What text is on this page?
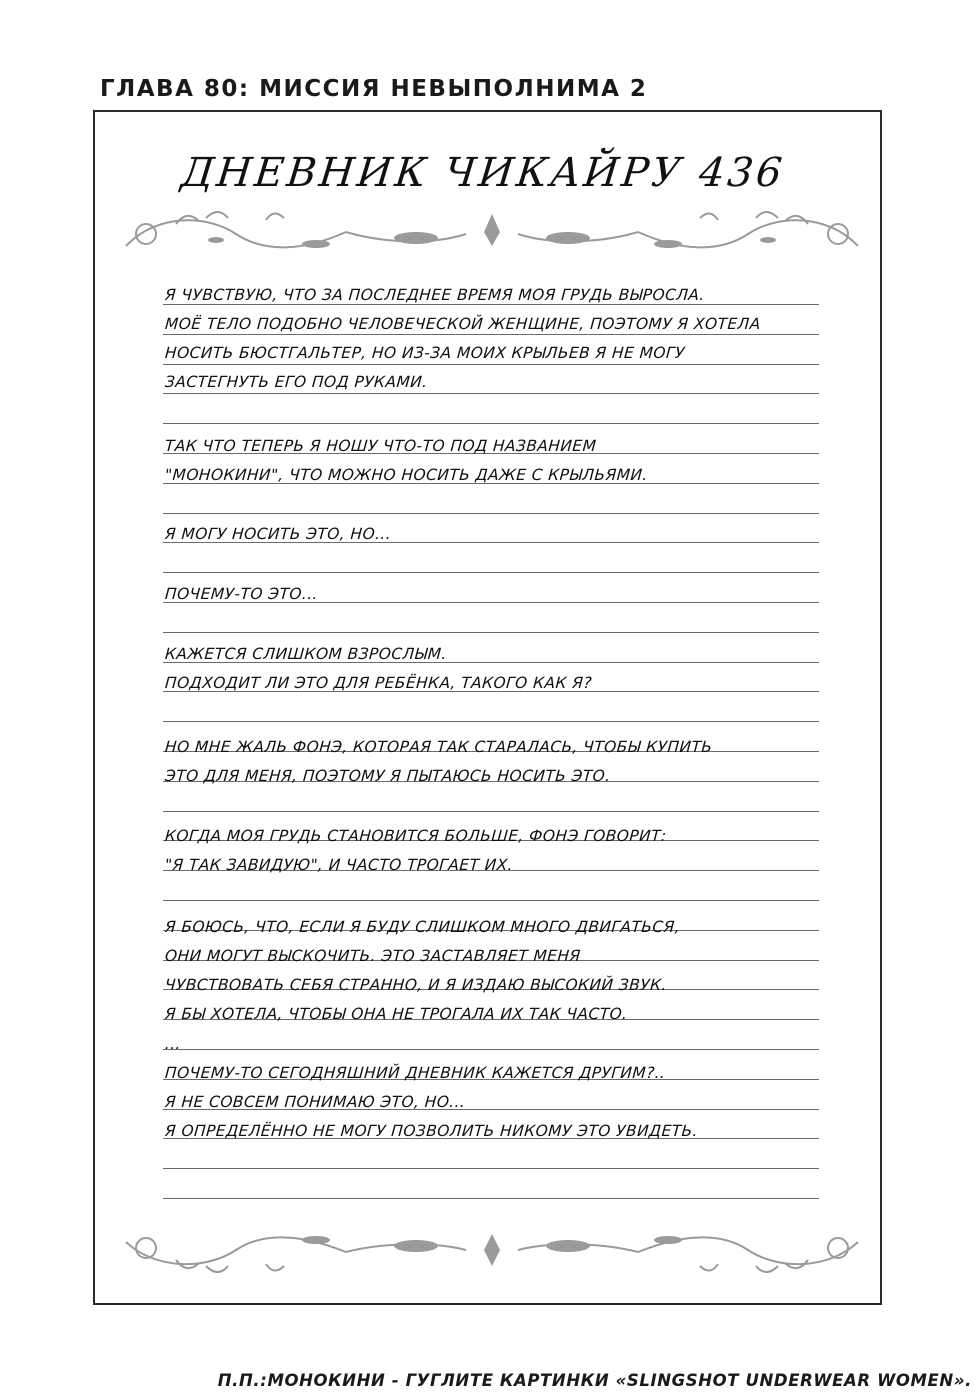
ГЛАВА 80: МИССИЯ НЕВЫПОЛНИМА 2
ДНЕВНИК ЧИКАЙРУ 436
Я ЧУВСТВУЮ, ЧТО ЗА ПОСЛЕДНЕЕ ВРЕМЯ МОЯ ГРУДЬ ВЫРОСЛА.
МОЁ ТЕЛО ПОДОБНО ЧЕЛОВЕЧЕСКОЙ ЖЕНЩИНЕ, ПОЭТОМУ Я ХОТЕЛА
НОСИТЬ БЮСТГАЛЬТЕР, НО ИЗ-ЗА МОИХ КРЫЛЬЕВ Я НЕ МОГУ
ЗАСТЕГНУТЬ ЕГО ПОД РУКАМИ.
ТАК ЧТО ТЕПЕРЬ Я НОШУ ЧТО-ТО ПОД НАЗВАНИЕМ
"МОНОКИНИ", ЧТО МОЖНО НОСИТЬ ДАЖЕ С КРЫЛЬЯМИ.
Я МОГУ НОСИТЬ ЭТО, НО...
ПОЧЕМУ-ТО ЭТО...
КАЖЕТСЯ СЛИШКОМ ВЗРОСЛЫМ.
ПОДХОДИТ ЛИ ЭТО ДЛЯ РЕБЁНКА, ТАКОГО КАК Я?
НО МНЕ ЖАЛЬ ФОНЭ, КОТОРАЯ ТАК СТАРАЛАСЬ, ЧТОБЫ КУПИТЬ
ЭТО ДЛЯ МЕНЯ, ПОЭТОМУ Я ПЫТАЮСЬ НОСИТЬ ЭТО.
КОГДА МОЯ ГРУДЬ СТАНОВИТСЯ БОЛЬШЕ, ФОНЭ ГОВОРИТ:
"Я ТАК ЗАВИДУЮ", И ЧАСТО ТРОГАЕТ ИХ.
Я БОЮСЬ, ЧТО, ЕСЛИ Я БУДУ СЛИШКОМ МНОГО ДВИГАТЬСЯ,
ОНИ МОГУТ ВЫСКОЧИТЬ. ЭТО ЗАСТАВЛЯЕТ МЕНЯ
ЧУВСТВОВАТЬ СЕБЯ СТРАННО, И Я ИЗДАЮ ВЫСОКИЙ ЗВУК.
Я БЫ ХОТЕЛА, ЧТОБЫ ОНА НЕ ТРОГАЛА ИХ ТАК ЧАСТО.
...
ПОЧЕМУ-ТО СЕГОДНЯШНИЙ ДНЕВНИК КАЖЕТСЯ ДРУГИМ?..
Я НЕ СОВСЕМ ПОНИМАЮ ЭТО, НО...
Я ОПРЕДЕЛЁННО НЕ МОГУ ПОЗВОЛИТЬ НИКОМУ ЭТО УВИДЕТЬ.
П.П.:МОНОКИНИ - ГУГЛИТЕ КАРТИНКИ «SLINGSHOT UNDERWEAR WOMEN».
